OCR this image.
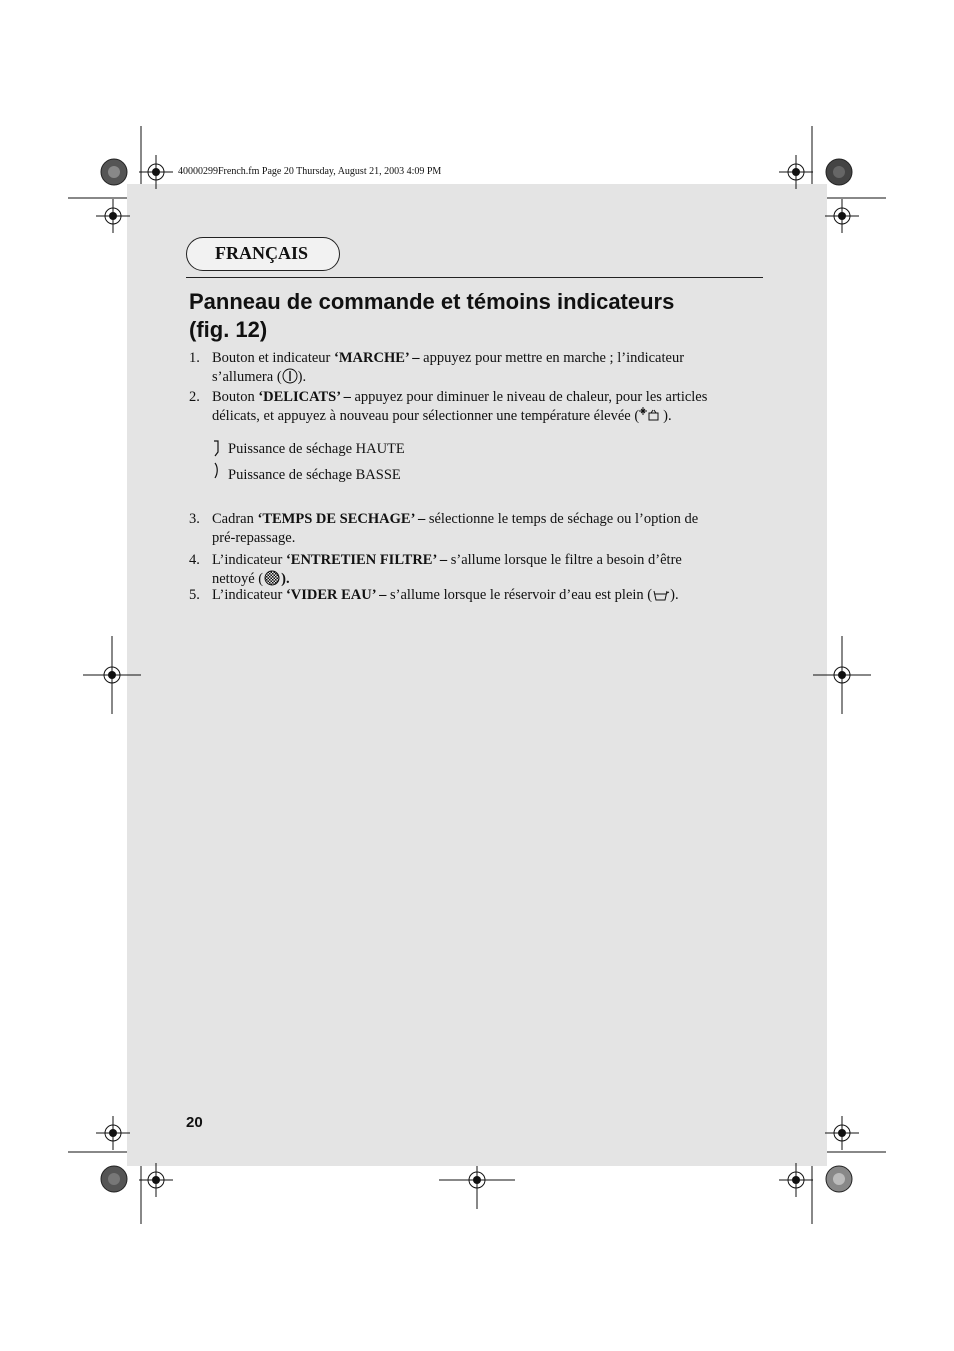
40000299French.fm Page 20 Thursday, August 21, 2003 4:09 PM
FRANÇAIS
Panneau de commande et témoins indicateurs
(fig. 12)
1. Bouton et indicateur ‘MARCHE’ – appuyez pour mettre en marche ; l’indicateur
s’allumera ( ).
2. Bouton ‘DELICATS’ – appuyez pour diminuer le niveau de chaleur, pour les articles
délicats, et appuyez à nouveau pour sélectionner une température élevée ( ).
Puissance de séchage HAUTE
Puissance de séchage BASSE
3. Cadran ‘TEMPS DE SECHAGE’ – sélectionne le temps de séchage ou l’option de
pré-repassage.
4. L’indicateur ‘ENTRETIEN FILTRE’ – s’allume lorsque le filtre a besoin d’être
nettoyé ( ).
5. L’indicateur ‘VIDER EAU’ – s’allume lorsque le réservoir d’eau est plein ( ).
20
